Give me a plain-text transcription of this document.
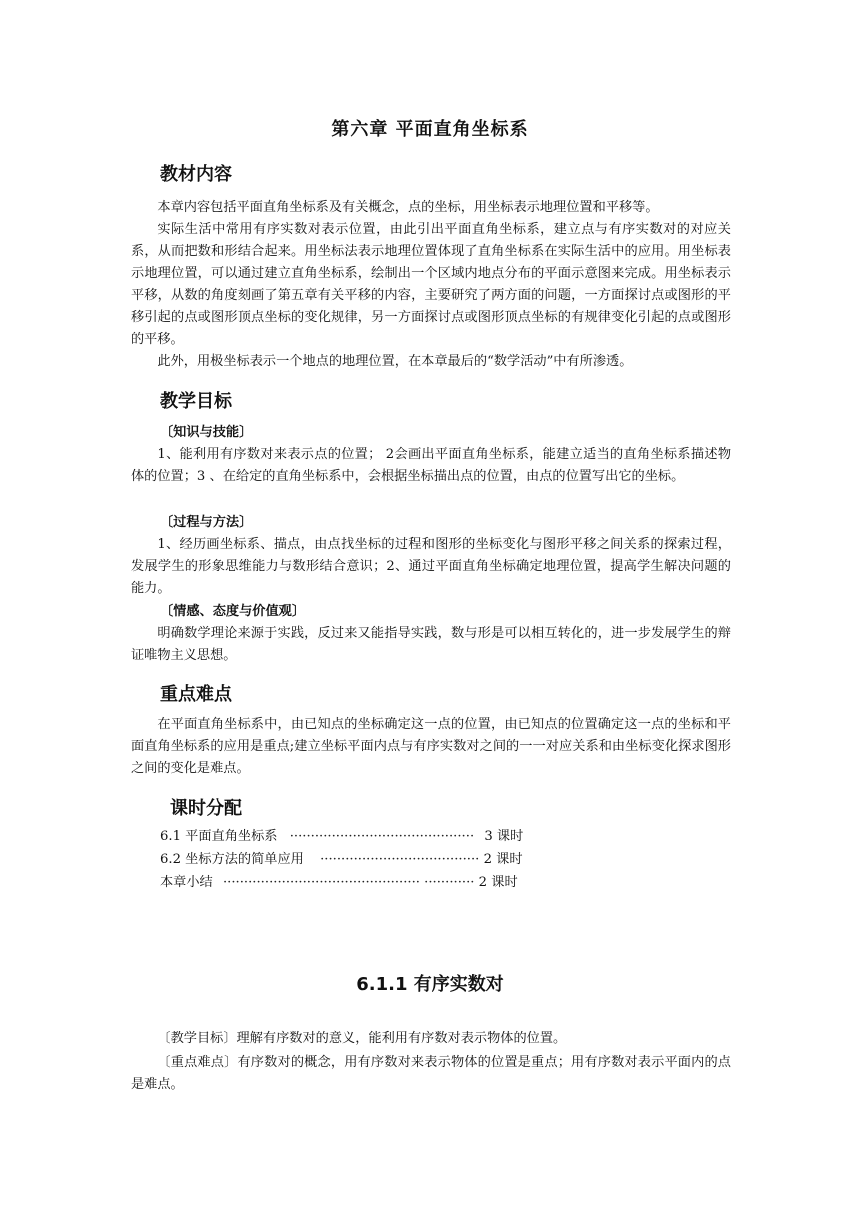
第六章 平面直角坐标系
教材内容

本章内容包括平面直角坐标系及有关概念，点的坐标，用坐标表示地理位置和平移等。

实际生活中常用有序实数对表示位置，由此引出平面直角坐标系，建立点与有序实数对的对应关系，从而把数和形结合起来。用坐标法表示地理位置体现了直角坐标系在实际生活中的应用。用坐标表示地理位置，可以通过建立直角坐标系，绘制出一个区域内地点分布的平面示意图来完成。用坐标表示平移，从数的角度刻画了第五章有关平移的内容，主要研究了两方面的问题，一方面探讨点或图形的平移引起的点或图形顶点坐标的变化规律，另一方面探讨点或图形顶点坐标的有规律变化引起的点或图形的平移。

此外，用极坐标表示一个地点的地理位置，在本章最后的“数学活动”中有所渗透。

教学目标
〔知识与技能〕

1、能利用有序数对来表示点的位置； 2会画出平面直角坐标系，能建立适当的直角坐标系描述物体的位置；3 、在给定的直角坐标系中，会根据坐标描出点的位置，由点的位置写出它的坐标。

〔过程与方法〕

1、经历画坐标系、描点，由点找坐标的过程和图形的坐标变化与图形平移之间关系的探索过程，发展学生的形象思维能力与数形结合意识；2、通过平面直角坐标确定地理位置，提高学生解决问题的能力。

〔情感、态度与价值观〕

明确数学理论来源于实践，反过来又能指导实践，数与形是可以相互转化的，进一步发展学生的辩证唯物主义思想。

重点难点

在平面直角坐标系中，由已知点的坐标确定这一点的位置，由已知点的位置确定这一点的坐标和平面直角坐标系的应用是重点;建立坐标平面内点与有序实数对之间的一一对应关系和由坐标变化探求图形之间的变化是难点。

课时分配
6.1 平面直角坐标系 ············································ 3 课时
6.2 坐标方法的简单应用 ······································ 2 课时
本章小结 ··············································· ············ 2 课时
6.1.1 有序实数对

〔教学目标〕理解有序数对的意义，能利用有序数对表示物体的位置。

〔重点难点〕有序数对的概念，用有序数对来表示物体的位置是重点；用有序数对表示平面内的点是难点。
